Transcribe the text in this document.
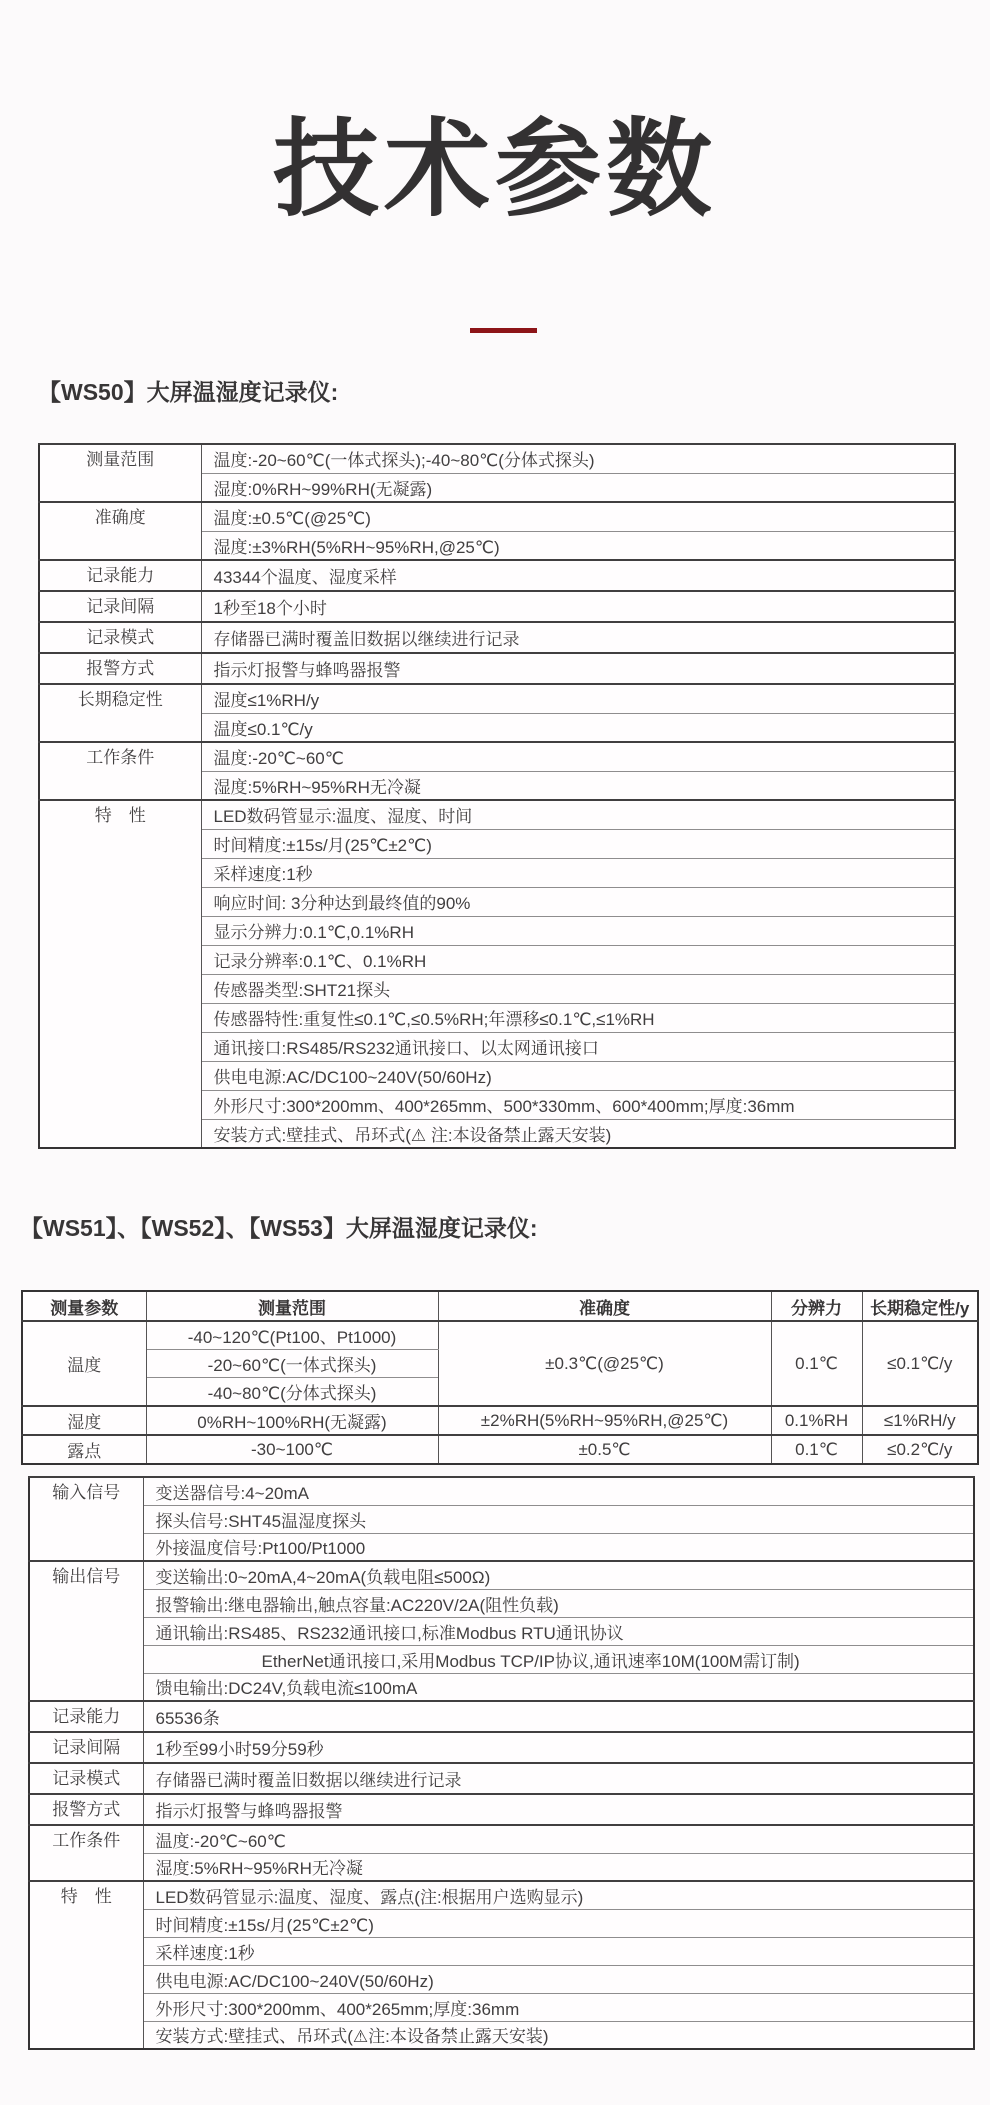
技术参数
【WS50】大屏温湿度记录仪:
测量范围	温度:-20~60℃(一体式探头);-40~80℃(分体式探头)
	湿度:0%RH~99%RH(无凝露)
准确度	温度:±0.5℃(@25℃)
	湿度:±3%RH(5%RH~95%RH,@25℃)
记录能力	43344个温度、湿度采样
记录间隔	1秒至18个小时
记录模式	存储器已满时覆盖旧数据以继续进行记录
报警方式	指示灯报警与蜂鸣器报警
长期稳定性	湿度≤1%RH/y
	温度≤0.1℃/y
工作条件	温度:-20℃~60℃
	湿度:5%RH~95%RH无冷凝
特　性	LED数码管显示:温度、湿度、时间
	时间精度:±15s/月(25℃±2℃)
	采样速度:1秒
	响应时间: 3分种达到最终值的90%
	显示分辨力:0.1℃,0.1%RH
	记录分辨率:0.1℃、0.1%RH
	传感器类型:SHT21探头
	传感器特性:重复性≤0.1℃,≤0.5%RH;年漂移≤0.1℃,≤1%RH
	通讯接口:RS485/RS232通讯接口、以太网通讯接口
	供电电源:AC/DC100~240V(50/60Hz)
	外形尺寸:300*200mm、400*265mm、500*330mm、600*400mm;厚度:36mm
	安装方式:壁挂式、吊环式(⚠ 注:本设备禁止露天安装)
【WS51】、【WS52】、【WS53】大屏温湿度记录仪:
测量参数	测量范围	准确度	分辨力	长期稳定性/y
温度	-40~120℃(Pt100、Pt1000)	±0.3℃(@25℃)	0.1℃	≤0.1℃/y
	-20~60℃(一体式探头)			
	-40~80℃(分体式探头)			
湿度	0%RH~100%RH(无凝露)	±2%RH(5%RH~95%RH,@25℃)	0.1%RH	≤1%RH/y
露点	-30~100℃	±0.5℃	0.1℃	≤0.2℃/y
输入信号	变送器信号:4~20mA
	探头信号:SHT45温湿度探头
	外接温度信号:Pt100/Pt1000
输出信号	变送输出:0~20mA,4~20mA(负载电阻≤500Ω)
	报警输出:继电器输出,触点容量:AC220V/2A(阻性负载)
	通讯输出:RS485、RS232通讯接口,标准Modbus RTU通讯协议
	EtherNet通讯接口,采用Modbus TCP/IP协议,通讯速率10M(100M需订制)
	馈电输出:DC24V,负载电流≤100mA
记录能力	65536条
记录间隔	1秒至99小时59分59秒
记录模式	存储器已满时覆盖旧数据以继续进行记录
报警方式	指示灯报警与蜂鸣器报警
工作条件	温度:-20℃~60℃
	湿度:5%RH~95%RH无冷凝
特　性	LED数码管显示:温度、湿度、露点(注:根据用户选购显示)
	时间精度:±15s/月(25℃±2℃)
	采样速度:1秒
	供电电源:AC/DC100~240V(50/60Hz)
	外形尺寸:300*200mm、400*265mm;厚度:36mm
	安装方式:壁挂式、吊环式(⚠注:本设备禁止露天安装)
